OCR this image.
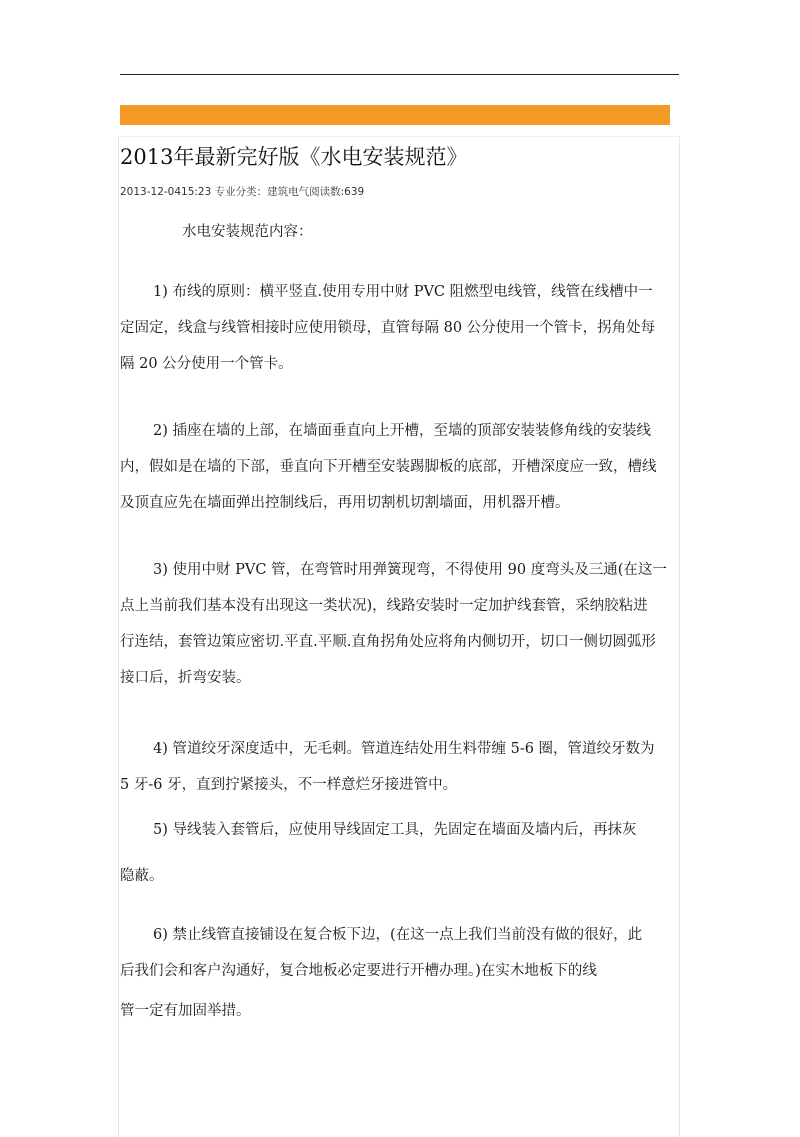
2013年最新完好版《水电安装规范》
2013-12-0415:23 专业分类：建筑电气阅读数:639
水电安装规范内容：

1) 布线的原则：横平竖直.使用专用中财 PVC 阻燃型电线管，线管在线槽中一
定固定，线盒与线管相接时应使用锁母，直管每隔 80 公分使用一个管卡，拐角处每
隔 20 公分使用一个管卡。

2) 插座在墙的上部，在墙面垂直向上开槽，至墙的顶部安装装修角线的安装线
内，假如是在墙的下部，垂直向下开槽至安装踢脚板的底部，开槽深度应一致，槽线
及顶直应先在墙面弹出控制线后，再用切割机切割墙面，用机器开槽。

3) 使用中财 PVC 管，在弯管时用弹簧现弯，不得使用 90 度弯头及三通(在这一
点上当前我们基本没有出现这一类状况)，线路安装时一定加护线套管，采纳胶粘进
行连结，套管边策应密切.平直.平顺.直角拐角处应将角内侧切开，切口一侧切圆弧形
接口后，折弯安装。

4) 管道绞牙深度适中，无毛刺。管道连结处用生料带缠 5-6 圈，管道绞牙数为
5 牙-6 牙，直到拧紧接头，不一样意烂牙接进管中。

5) 导线装入套管后，应使用导线固定工具，先固定在墙面及墙内后，再抹灰
隐蔽。

6) 禁止线管直接铺设在复合板下边，(在这一点上我们当前没有做的很好，此
后我们会和客户沟通好，复合地板必定要进行开槽办理。)在实木地板下的线
管一定有加固举措。
